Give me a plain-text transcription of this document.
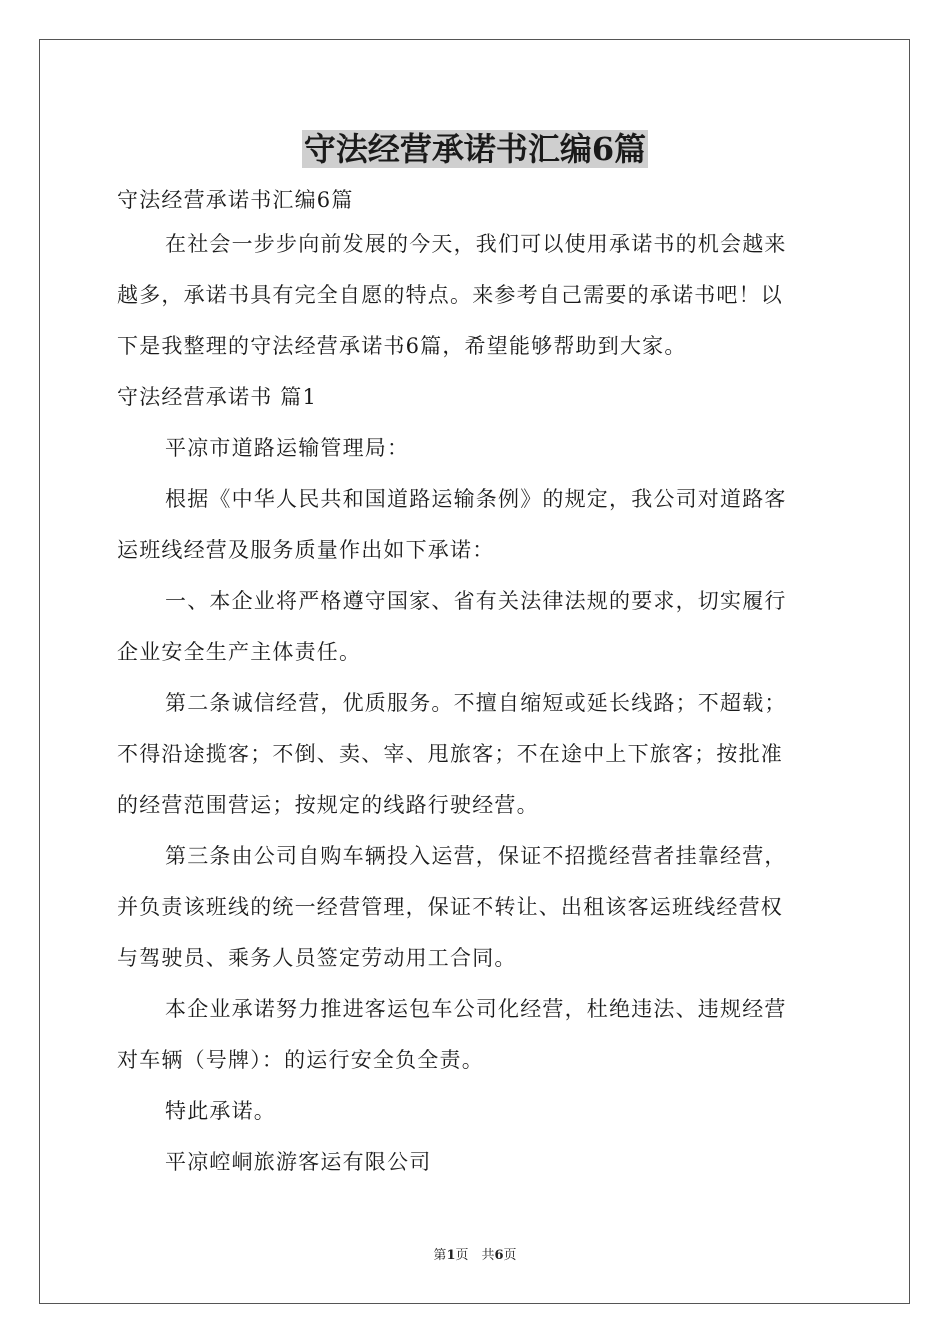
守法经营承诺书汇编6篇
守法经营承诺书汇编6篇
在社会一步步向前发展的今天，我们可以使用承诺书的机会越来
越多，承诺书具有完全自愿的特点。来参考自己需要的承诺书吧！以
下是我整理的守法经营承诺书6篇，希望能够帮助到大家。
守法经营承诺书 篇1
平凉市道路运输管理局：
根据《中华人民共和国道路运输条例》的规定，我公司对道路客
运班线经营及服务质量作出如下承诺：
一、本企业将严格遵守国家、省有关法律法规的要求，切实履行
企业安全生产主体责任。
第二条诚信经营，优质服务。不擅自缩短或延长线路；不超载；
不得沿途揽客；不倒、卖、宰、甩旅客；不在途中上下旅客；按批准
的经营范围营运；按规定的线路行驶经营。
第三条由公司自购车辆投入运营，保证不招揽经营者挂靠经营，
并负责该班线的统一经营管理，保证不转让、出租该客运班线经营权
与驾驶员、乘务人员签定劳动用工合同。
本企业承诺努力推进客运包车公司化经营，杜绝违法、违规经营
对车辆（号牌）：的运行安全负全责。
特此承诺。
平凉崆峒旅游客运有限公司
第1页　共6页
